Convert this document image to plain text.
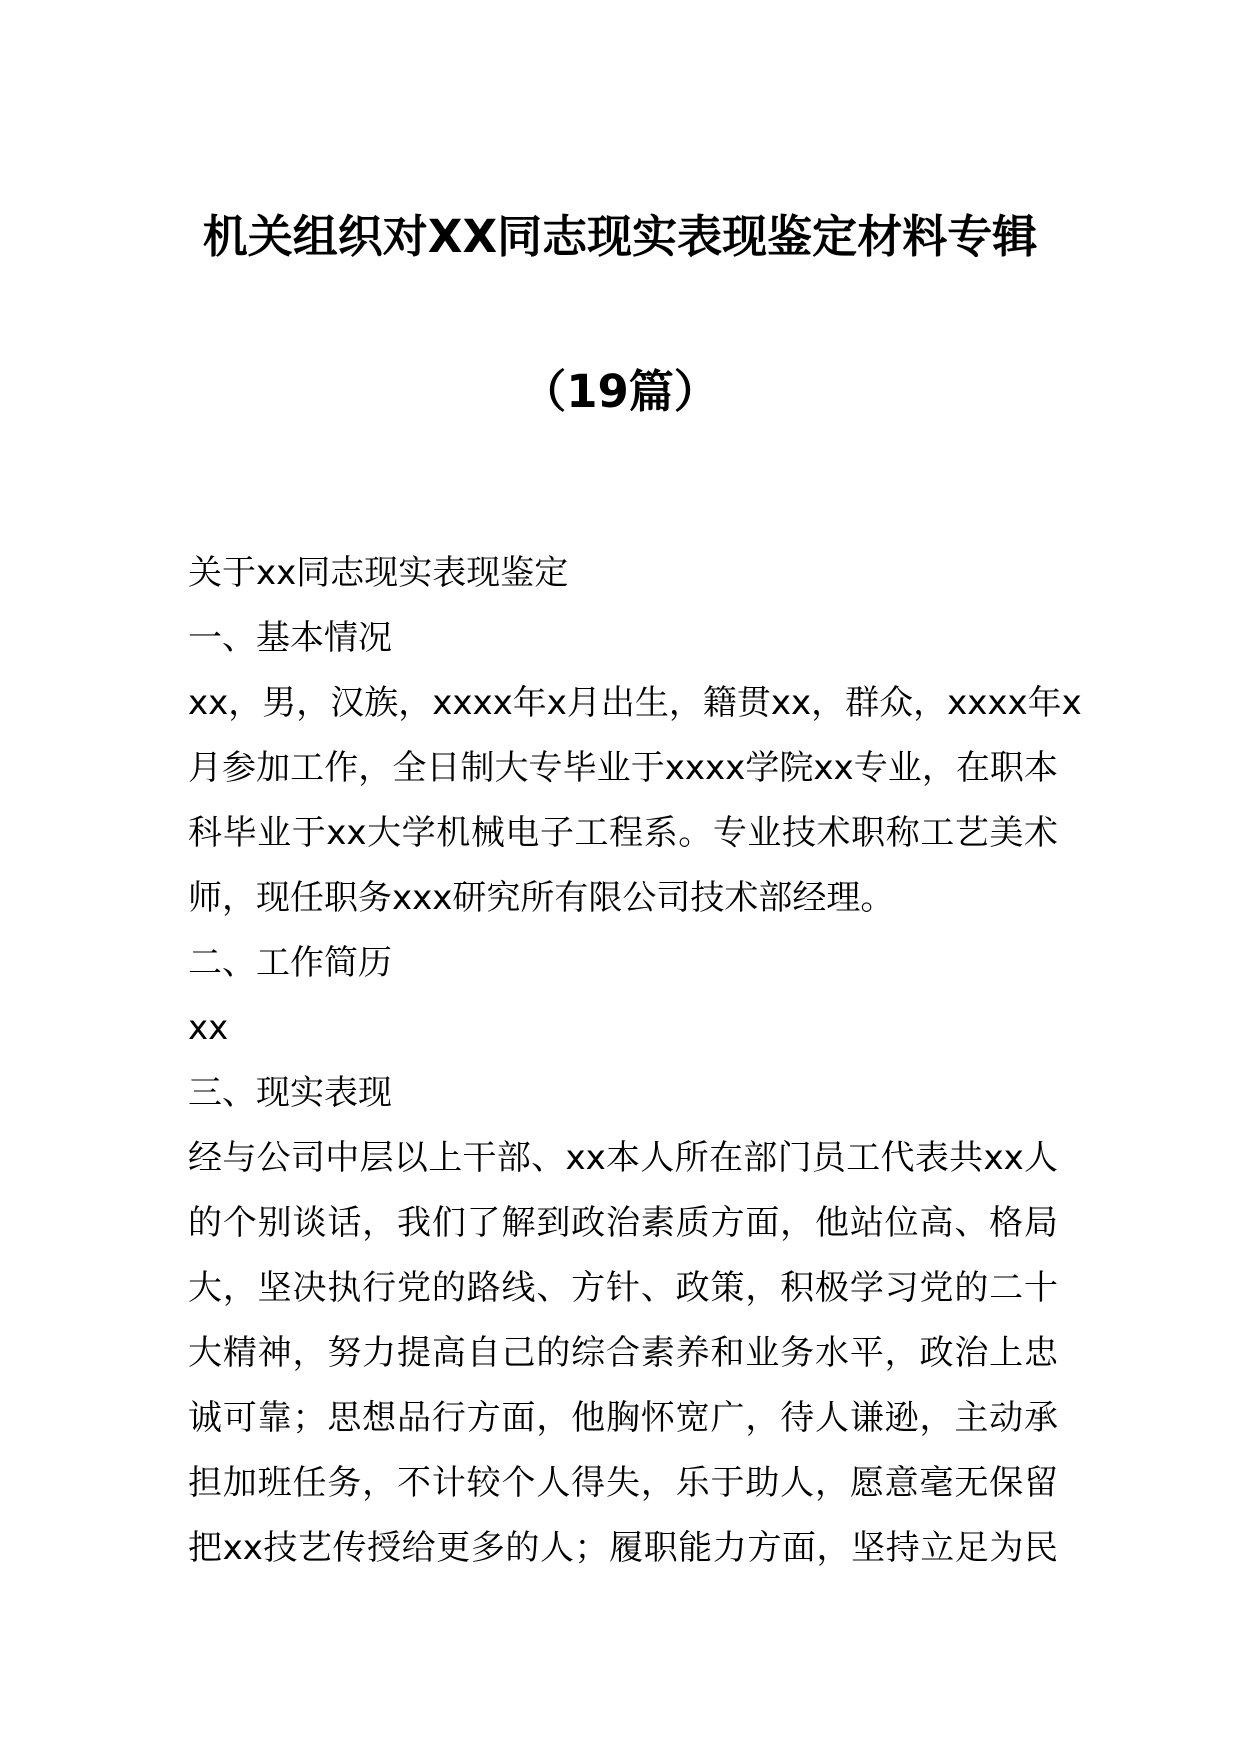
机关组织对XX同志现实表现鉴定材料专辑
（19篇）
关于xx同志现实表现鉴定
一、基本情况
xx，男，汉族，xxxx年x月出生，籍贯xx，群众，xxxx年x
月参加工作，全日制大专毕业于xxxx学院xx专业，在职本
科毕业于xx大学机械电子工程系。专业技术职称工艺美术
师，现任职务xxx研究所有限公司技术部经理。
二、工作简历
xx
三、现实表现
经与公司中层以上干部、xx本人所在部门员工代表共xx人
的个别谈话，我们了解到政治素质方面，他站位高、格局
大，坚决执行党的路线、方针、政策，积极学习党的二十
大精神，努力提高自己的综合素养和业务水平，政治上忠
诚可靠；思想品行方面，他胸怀宽广，待人谦逊，主动承
担加班任务，不计较个人得失，乐于助人，愿意毫无保留
把xx技艺传授给更多的人；履职能力方面，坚持立足为民
